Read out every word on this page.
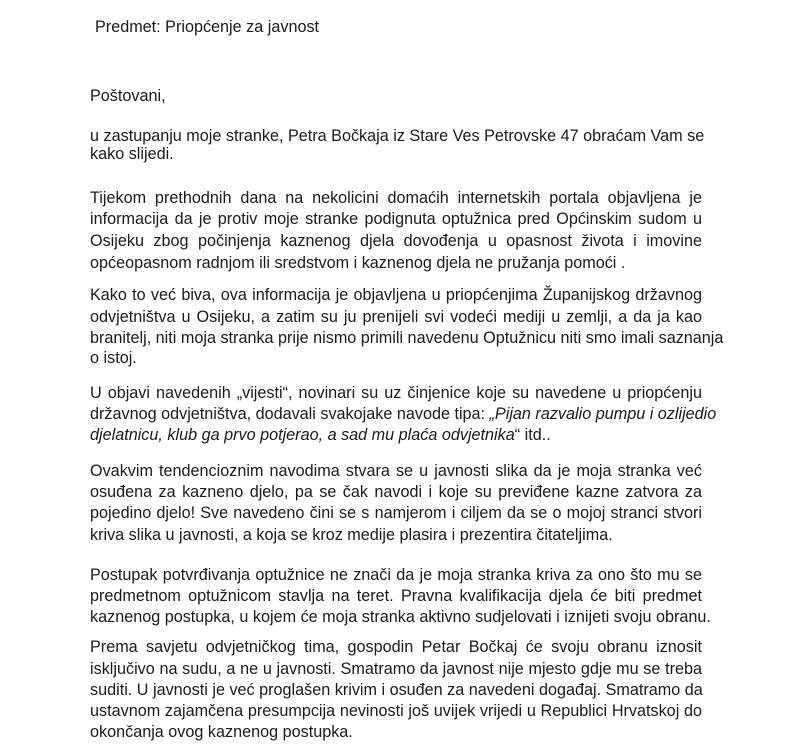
Predmet: Priopćenje za javnost
Poštovani,
u zastupanju moje stranke, Petra Bočkaja iz Stare Ves Petrovske 47 obraćam Vam se
kako slijedi.
Tijekom prethodnih dana na nekolicini domaćih internetskih portala objavljena je
informacija da je protiv moje stranke podignuta optužnica pred Općinskim sudom u
Osijeku zbog počinjenja kaznenog djela dovođenja u opasnost života i imovine
općeopasnom radnjom ili sredstvom i kaznenog djela ne pružanja pomoći .
Kako to već biva, ova informacija je objavljena u priopćenjima Županijskog državnog
odvjetništva u Osijeku, a zatim su ju prenijeli svi vodeći mediji u zemlji, a da ja kao
branitelj, niti moja stranka prije nismo primili navedenu Optužnicu niti smo imali saznanja
o istoj.
U objavi navedenih „vijesti“, novinari su uz činjenice koje su navedene u priopćenju
državnog odvjetništva, dodavali svakojake navode tipa: „Pijan razvalio pumpu i ozlijedio
djelatnicu, klub ga prvo potjerao, a sad mu plaća odvjetnika“ itd..
Ovakvim tendencioznim navodima stvara se u javnosti slika da je moja stranka već
osuđena za kazneno djelo, pa se čak navodi i koje su previđene kazne zatvora za
pojedino djelo! Sve navedeno čini se s namjerom i ciljem da se o mojoj stranci stvori
kriva slika u javnosti, a koja se kroz medije plasira i prezentira čitateljima.
Postupak potvrđivanja optužnice ne znači da je moja stranka kriva za ono što mu se
predmetnom optužnicom stavlja na teret. Pravna kvalifikacija djela će biti predmet
kaznenog postupka, u kojem će moja stranka aktivno sudjelovati i iznijeti svoju obranu.
Prema savjetu odvjetničkog tima, gospodin Petar Bočkaj će svoju obranu iznosit
isključivo na sudu, a ne u javnosti. Smatramo da javnost nije mjesto gdje mu se treba
suditi. U javnosti je već proglašen krivim i osuđen za navedeni događaj. Smatramo da
ustavnom zajamčena presumpcija nevinosti još uvijek vrijedi u Republici Hrvatskoj do
okončanja ovog kaznenog postupka.
